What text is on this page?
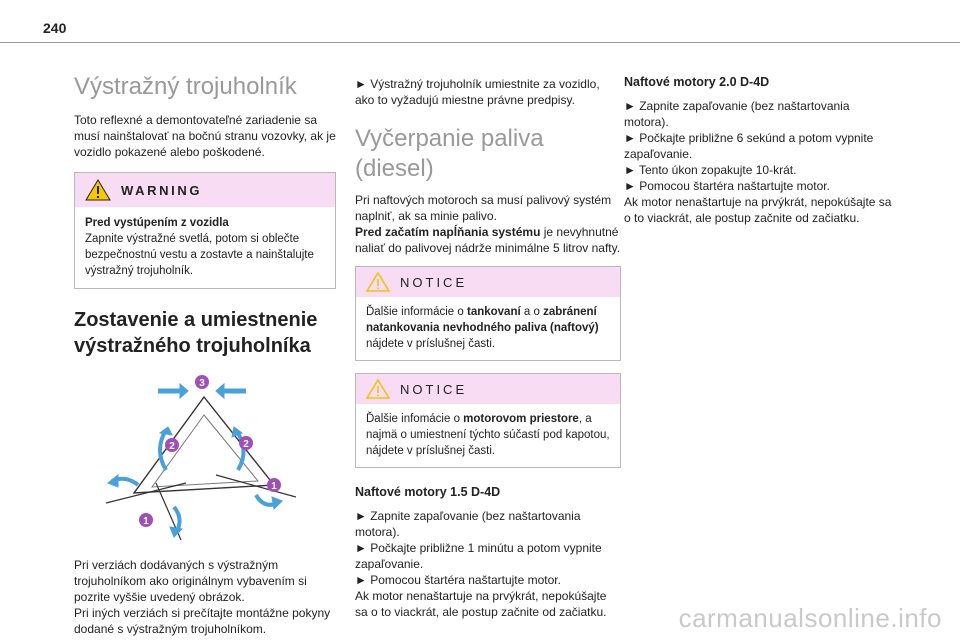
240
Výstražný trojuholník

Toto reflexné a demontovateľné zariadenie sa musí nainštalovať na bočnú stranu vozovky, ak je vozidlo pokazené alebo poškodené.

WARNING
Pred vystúpením z vozidla
Zapnite výstražné svetlá, potom si oblečte bezpečnostnú vestu a zostavte a nainštalujte výstražný trojuholník.
Zostavenie a umiestnenie výstražného trojuholníka
3
2	2
1
1

Pri verziách dodávaných s výstražným trojuholníkom ako originálnym vybavením si pozrite vyššie uvedený obrázok.

Pri iných verziách si prečítajte montážne pokyny dodané s výstražným trojuholníkom.

► Výstražný trojuholník umiestnite za vozidlo, ako to vyžadujú miestne právne predpisy.

Vyčerpanie paliva (diesel)

Pri naftových motoroch sa musí palivový systém naplniť, ak sa minie palivo.

Pred začatím napĺňania systému je nevyhnutné naliať do palivovej nádrže minimálne 5 litrov nafty.

NOTICE
Ďalšie informácie o tankovaní a o zabránení natankovania nevhodného paliva (naftový) nájdete v príslušnej časti.
NOTICE
Ďalšie infomácie o motorovom priestore, a najmä o umiestnení týchto súčastí pod kapotou, nájdete v príslušnej časti.
Naftové motory 1.5 D-4D

► Zapnite zapaľovanie (bez naštartovania motora).

► Počkajte približne 1 minútu a potom vypnite zapaľovanie.

► Pomocou štartéra naštartujte motor.

Ak motor nenaštartuje na prvýkrát, nepokúšajte sa o to viackrát, ale postup začnite od začiatku.

Naftové motory 2.0 D-4D

► Zapnite zapaľovanie (bez naštartovania motora).

► Počkajte približne 6 sekúnd a potom vypnite zapaľovanie.

► Tento úkon zopakujte 10-krát.

► Pomocou štartéra naštartujte motor.

Ak motor nenaštartuje na prvýkrát, nepokúšajte sa o to viackrát, ale postup začnite od začiatku.

carmanualsonline.info
